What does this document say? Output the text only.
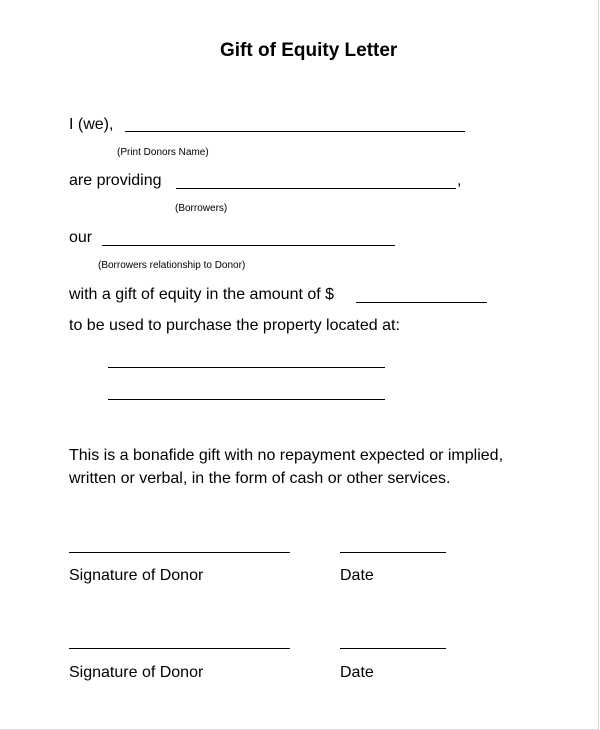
Gift of Equity Letter
I (we),
(Print Donors Name)
are providing	,
(Borrowers)
our
(Borrowers relationship to Donor)
with a gift of equity in the amount of $
to be used to purchase the property located at:
This is a bonafide gift with no repayment expected or implied,
written or verbal, in the form of cash or other services.
Signature of Donor	Date
Signature of Donor	Date
